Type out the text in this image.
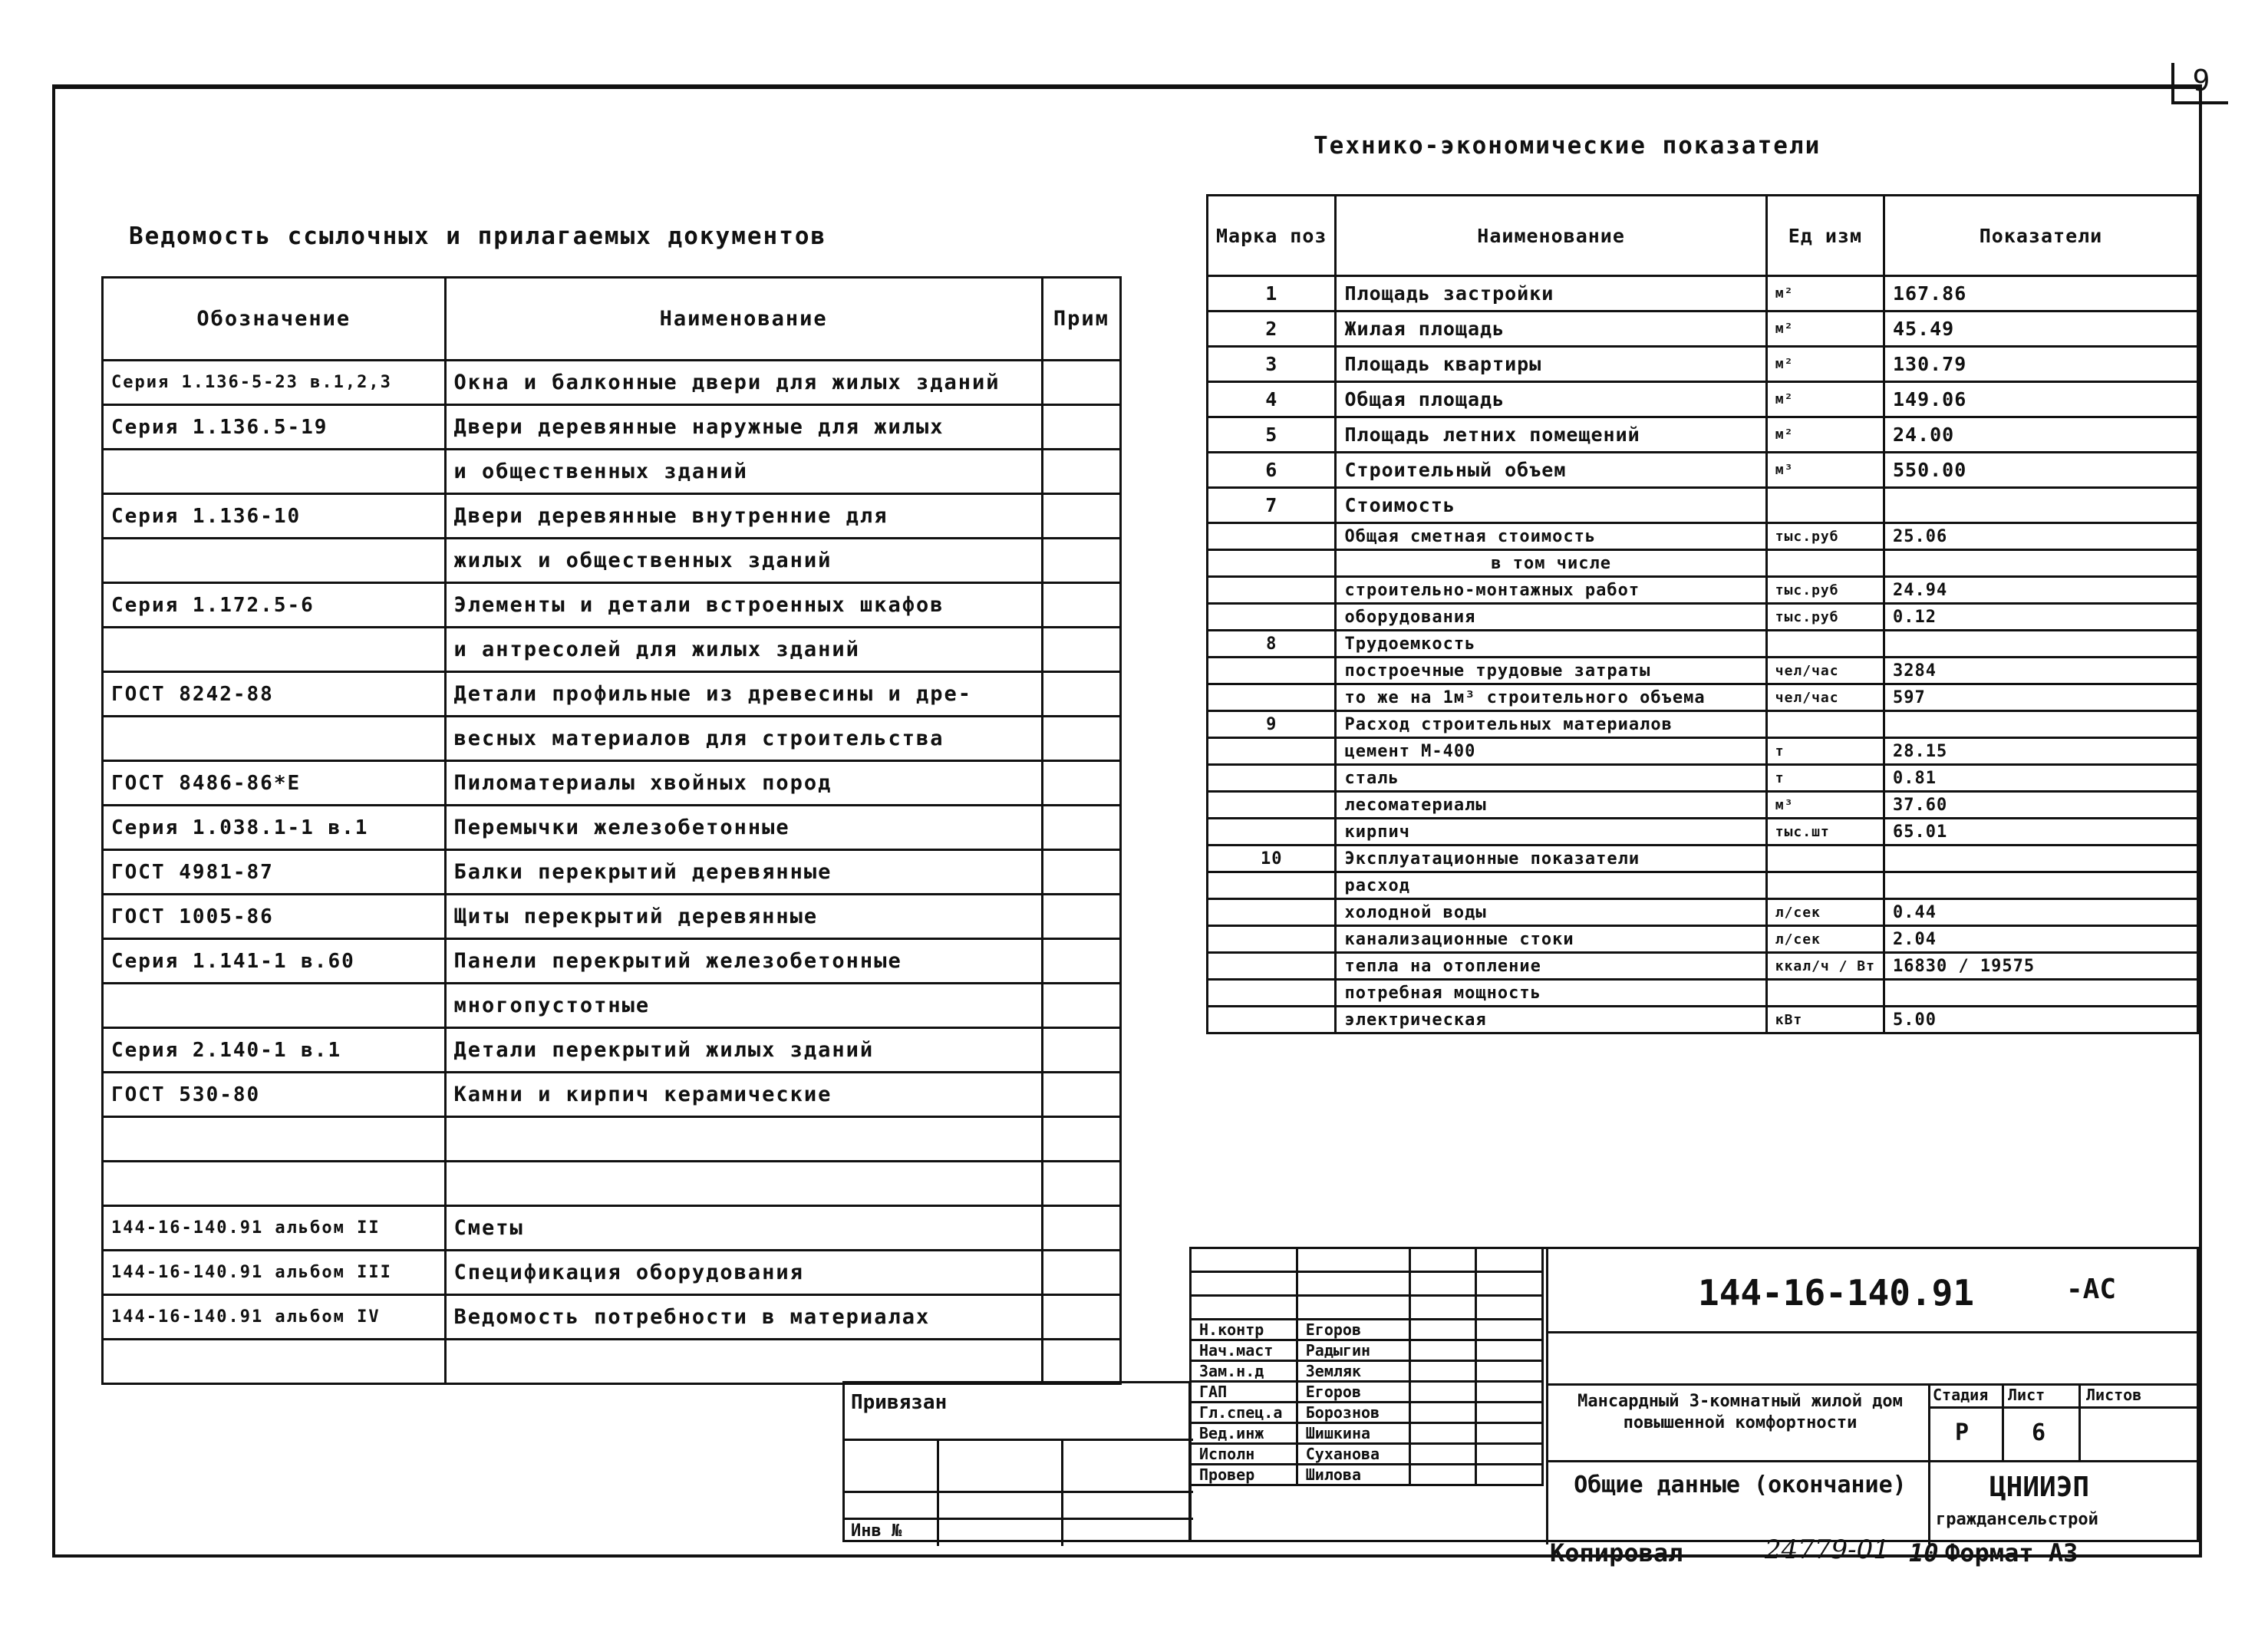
9
Ведомость ссылочных и прилагаемых документов
Обозначение	Наименование	Прим
Серия 1.136-5-23 в.1,2,3	Окна и балконные двери для жилых зданий	
Серия 1.136.5-19	Двери деревянные наружные для жилых	
	и общественных зданий	
Серия 1.136-10	Двери деревянные внутренние для	
	жилых и общественных зданий	
Серия 1.172.5-6	Элементы и детали встроенных шкафов	
	и антресолей для жилых зданий	
ГОСТ 8242-88	Детали профильные из древесины и дре-	
	весных материалов для строительства	
ГОСТ 8486-86*Е	Пиломатериалы хвойных пород	
Серия 1.038.1-1 в.1	Перемычки железобетонные	
ГОСТ 4981-87	Балки перекрытий деревянные	
ГОСТ 1005-86	Щиты перекрытий деревянные	
Серия 1.141-1 в.60	Панели перекрытий железобетонные	
	многопустотные	
Серия 2.140-1 в.1	Детали перекрытий жилых зданий	
ГОСТ 530-80	Камни и кирпич керамические	

144-16-140.91 альбом II	Сметы	
144-16-140.91 альбом III	Спецификация оборудования	
144-16-140.91 альбом IV	Ведомость потребности в материалах	

Технико-экономические показатели
Марка поз	Наименование	Ед изм	Показатели
1	Площадь застройки	м²	167.86
2	Жилая площадь	м²	45.49
3	Площадь квартиры	м²	130.79
4	Общая площадь	м²	149.06
5	Площадь летних помещений	м²	24.00
6	Строительный объем	м³	550.00
7	Стоимость		
	Общая сметная стоимость	тыс.руб	25.06
	в том числе		
	строительно-монтажных работ	тыс.руб	24.94
	оборудования	тыс.руб	0.12
8	Трудоемкость		
	построечные трудовые затраты	чел/час	3284
	то же на 1м³ строительного объема	чел/час	597
9	Расход строительных материалов		
	цемент М-400	т	28.15
	сталь	т	0.81
	лесоматериалы	м³	37.60
	кирпич	тыс.шт	65.01
10	Эксплуатационные показатели		
	расход		
	холодной воды	л/сек	0.44
	канализационные стоки	л/сек	2.04
	тепла на отопление	ккал/ч / Вт	16830 / 19575
	потребная мощность		
	электрическая	кВт	5.00
144-16-140.91	-АС
Мансардный 3-комнатный жилой дом повышенной комфортности
Общие данные (окончание)
Стадия Лист	Листов
Р	6
ЦНИИЭП
граждансельстрой

Н.контр	Егоров		
Нач.маст	Радыгин		
Зам.н.д	Земляк		
ГАП	Егоров		
Гл.спец.а	Борознов		
Вед.инж	Шишкина		
Исполн	Суханова		
Провер	Шилова		
Привязан
Инв №
Копировал	24779-01 10 Формат А3
